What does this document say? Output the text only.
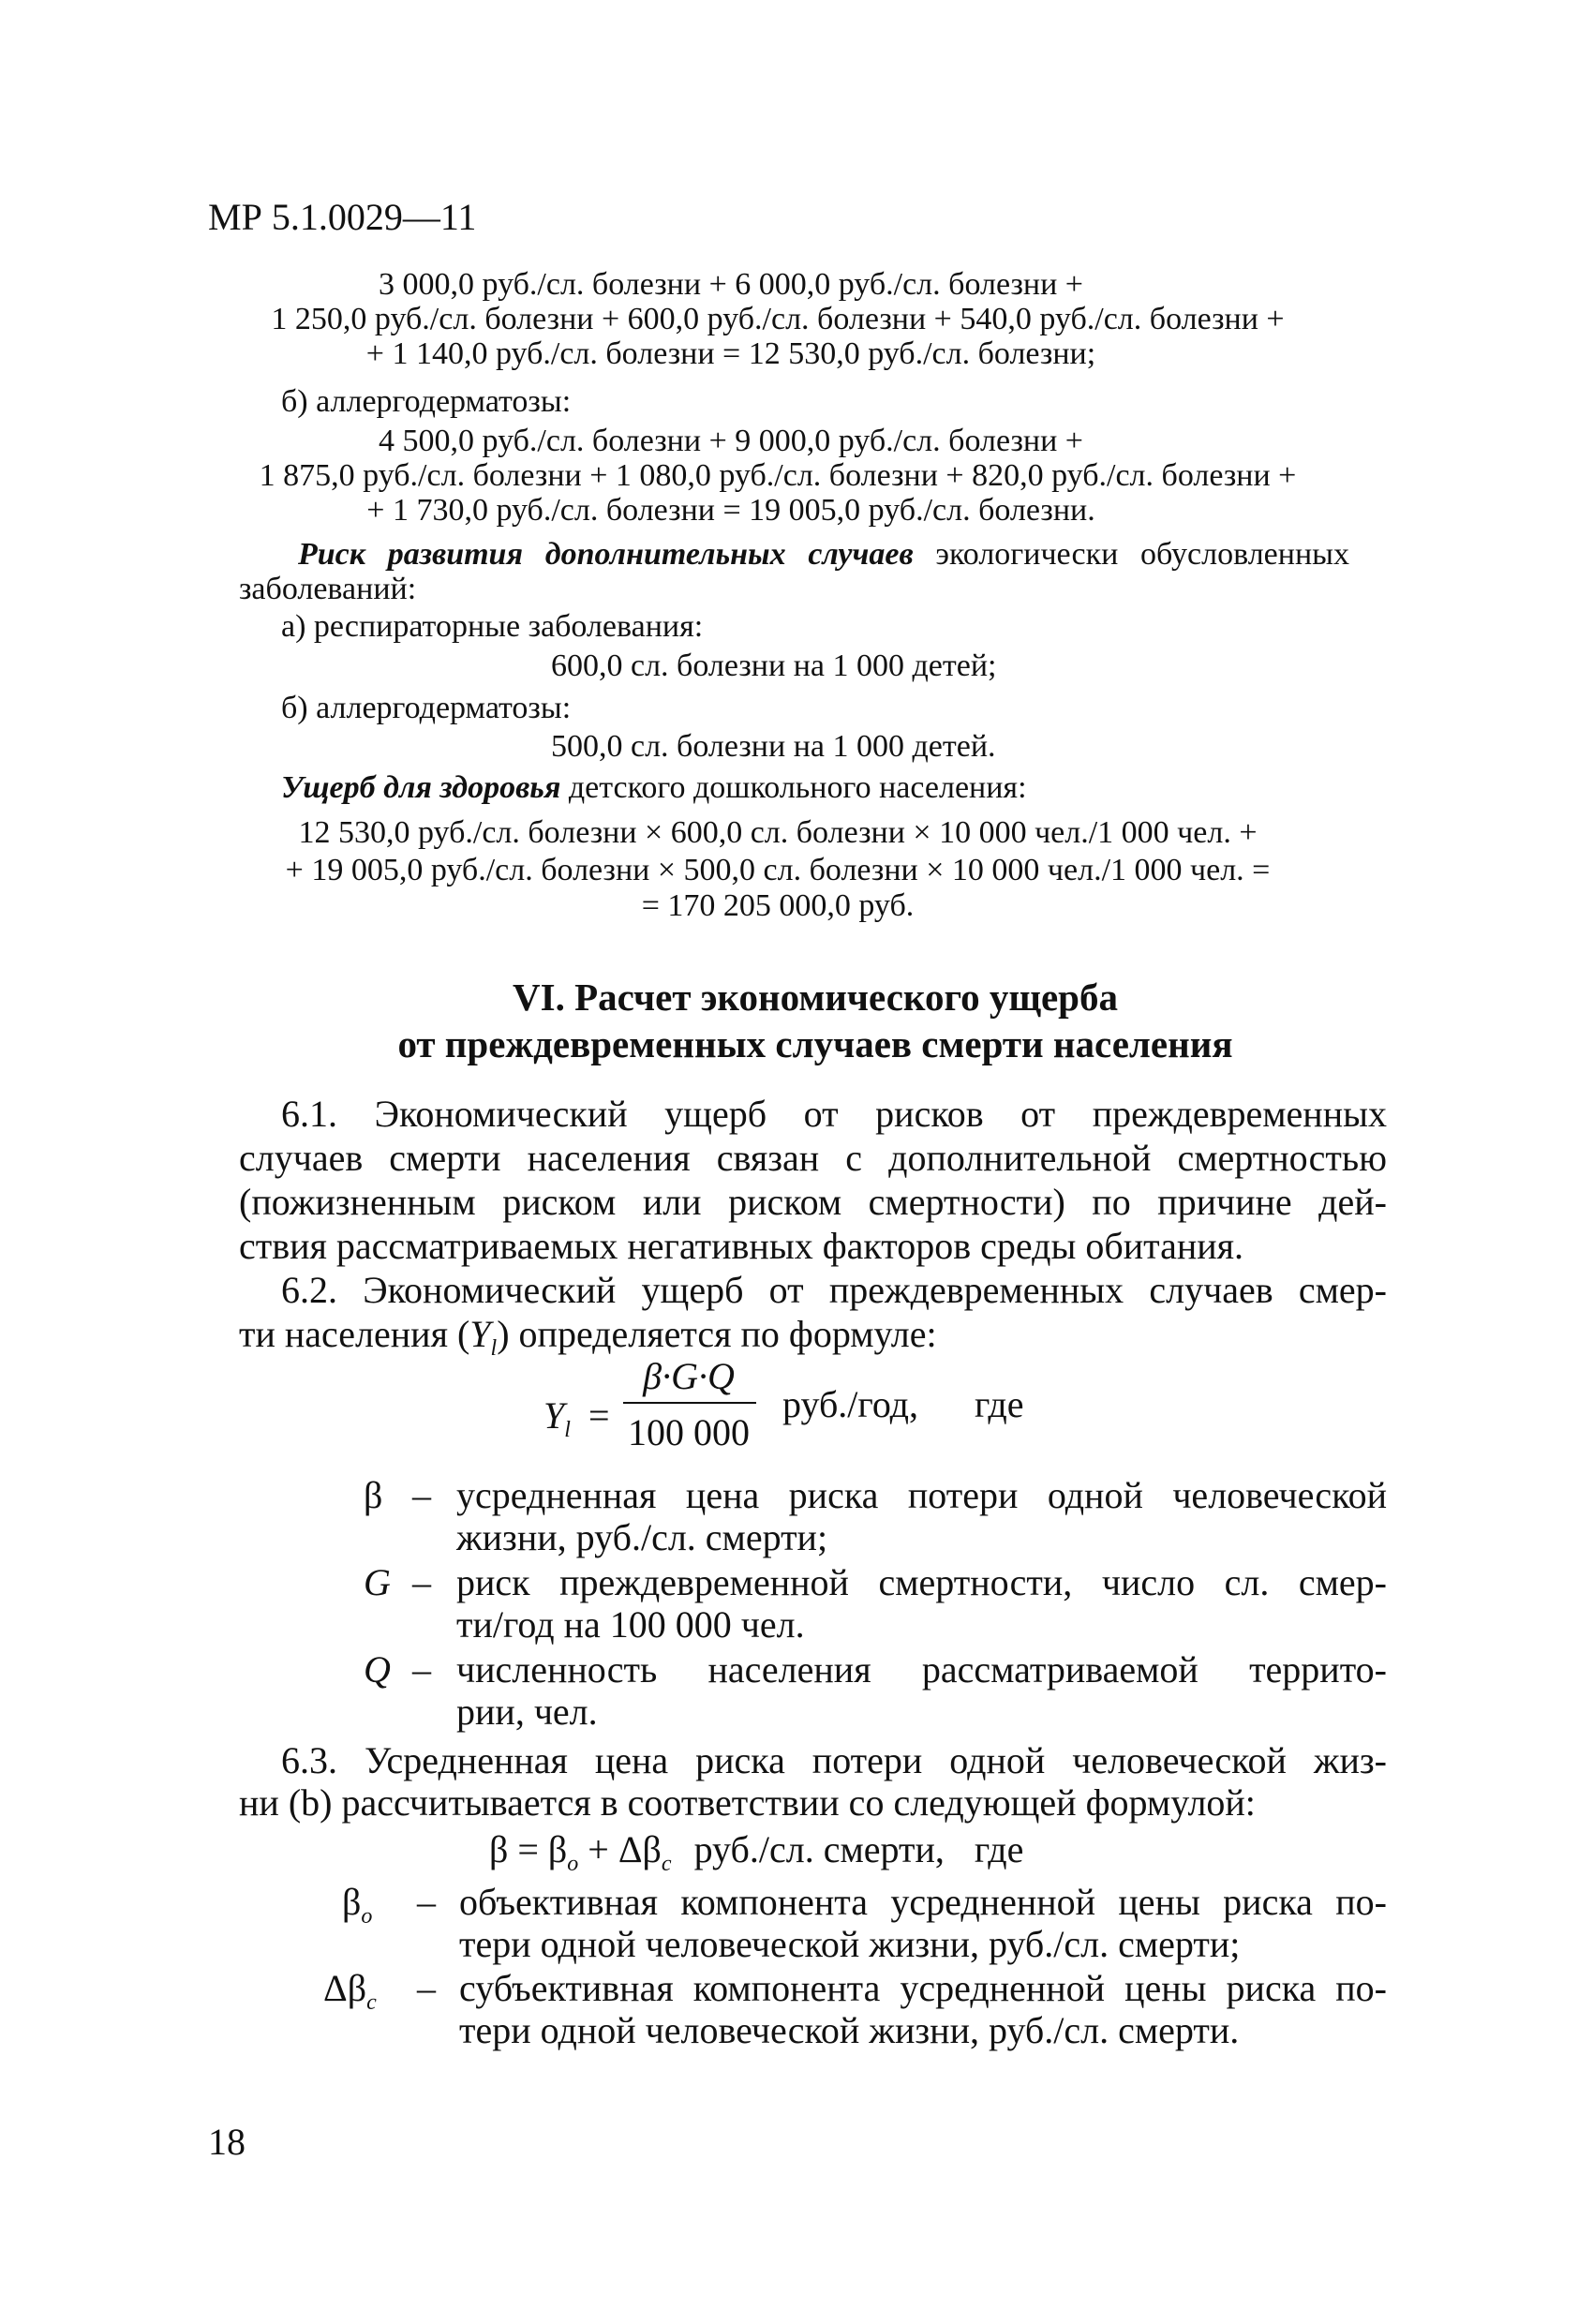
МР 5.1.0029—11
3 000,0 руб./сл. болезни + 6 000,0 руб./сл. болезни +
1 250,0 руб./сл. болезни + 600,0 руб./сл. болезни + 540,0 руб./сл. болезни +
+ 1 140,0 руб./сл. болезни = 12 530,0 руб./сл. болезни;
б) аллергодерматозы:
4 500,0 руб./сл. болезни + 9 000,0 руб./сл. болезни +
1 875,0 руб./сл. болезни + 1 080,0 руб./сл. болезни + 820,0 руб./сл. болезни +
+ 1 730,0 руб./сл. болезни = 19 005,0 руб./сл. болезни.
Риск развития дополнительных случаев экологически обусловленных
заболеваний:
а) респираторные заболевания:
600,0 сл. болезни на 1 000 детей;
б) аллергодерматозы:
500,0 сл. болезни на 1 000 детей.
Ущерб для здоровья детского дошкольного населения:
12 530,0 руб./сл. болезни × 600,0 сл. болезни × 10 000 чел./1 000 чел. +
+ 19 005,0 руб./сл. болезни × 500,0 сл. болезни × 10 000 чел./1 000 чел. =
= 170 205 000,0 руб.
VI. Расчет экономического ущерба
от преждевременных случаев смерти населения
6.1. Экономический ущерб от рисков от преждевременных
случаев смерти населения связан с дополнительной смертностью
(пожизненным риском или риском смертности) по причине дей-
ствия рассматриваемых негативных факторов среды обитания.
6.2. Экономический ущерб от преждевременных случаев смер-
ти населения $(Y_l)$ определяется по формуле:
$Y_l$ =
β·G·Q
100 000
руб./год, где
β – усредненная цена риска потери одной человеческой
жизни, руб./сл. смерти;
G – риск преждевременной смертности, число сл. смер-
ти/год на 100 000 чел.
Q – численность населения рассматриваемой террито-
рии, чел.
6.3. Усредненная цена риска потери одной человеческой жиз-
ни (b) рассчитывается в соответствии со следующей формулой:
$\beta = \beta_o + \Delta\beta_c$ руб./сл. смерти, где
$\beta_o$ – объективная компонента усредненной цены риска по-
тери одной человеческой жизни, руб./сл. смерти;
$\Delta\beta_c$ – субъективная компонента усредненной цены риска по-
тери одной человеческой жизни, руб./сл. смерти.
18
